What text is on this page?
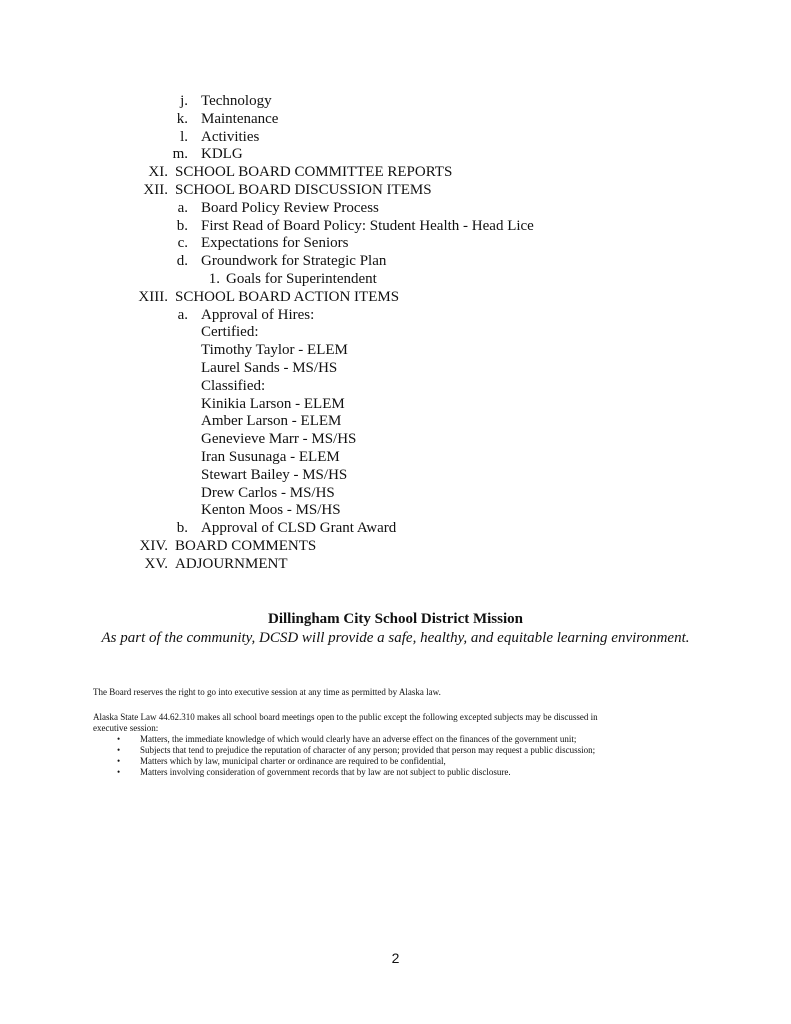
j. Technology
k. Maintenance
l. Activities
m. KDLG
XI. SCHOOL BOARD COMMITTEE REPORTS
XII. SCHOOL BOARD DISCUSSION ITEMS
a. Board Policy Review Process
b. First Read of Board Policy: Student Health - Head Lice
c. Expectations for Seniors
d. Groundwork for Strategic Plan
1. Goals for Superintendent
XIII. SCHOOL BOARD ACTION ITEMS
a. Approval of Hires:
Certified:
Timothy Taylor - ELEM
Laurel Sands - MS/HS
Classified:
Kinikia Larson - ELEM
Amber Larson - ELEM
Genevieve Marr - MS/HS
Iran Susunaga - ELEM
Stewart Bailey - MS/HS
Drew Carlos - MS/HS
Kenton Moos - MS/HS
b. Approval of CLSD Grant Award
XIV. BOARD COMMENTS
XV. ADJOURNMENT
Dillingham City School District Mission
As part of the community, DCSD will provide a safe, healthy, and equitable learning environment.
The Board reserves the right to go into executive session at any time as permitted by Alaska law.
Alaska State Law 44.62.310 makes all school board meetings open to the public except the following excepted subjects may be discussed in
executive session:
• Matters, the immediate knowledge of which would clearly have an adverse effect on the finances of the government unit;
• Subjects that tend to prejudice the reputation of character of any person; provided that person may request a public discussion;
• Matters which by law, municipal charter or ordinance are required to be confidential,
• Matters involving consideration of government records that by law are not subject to public disclosure.
2
